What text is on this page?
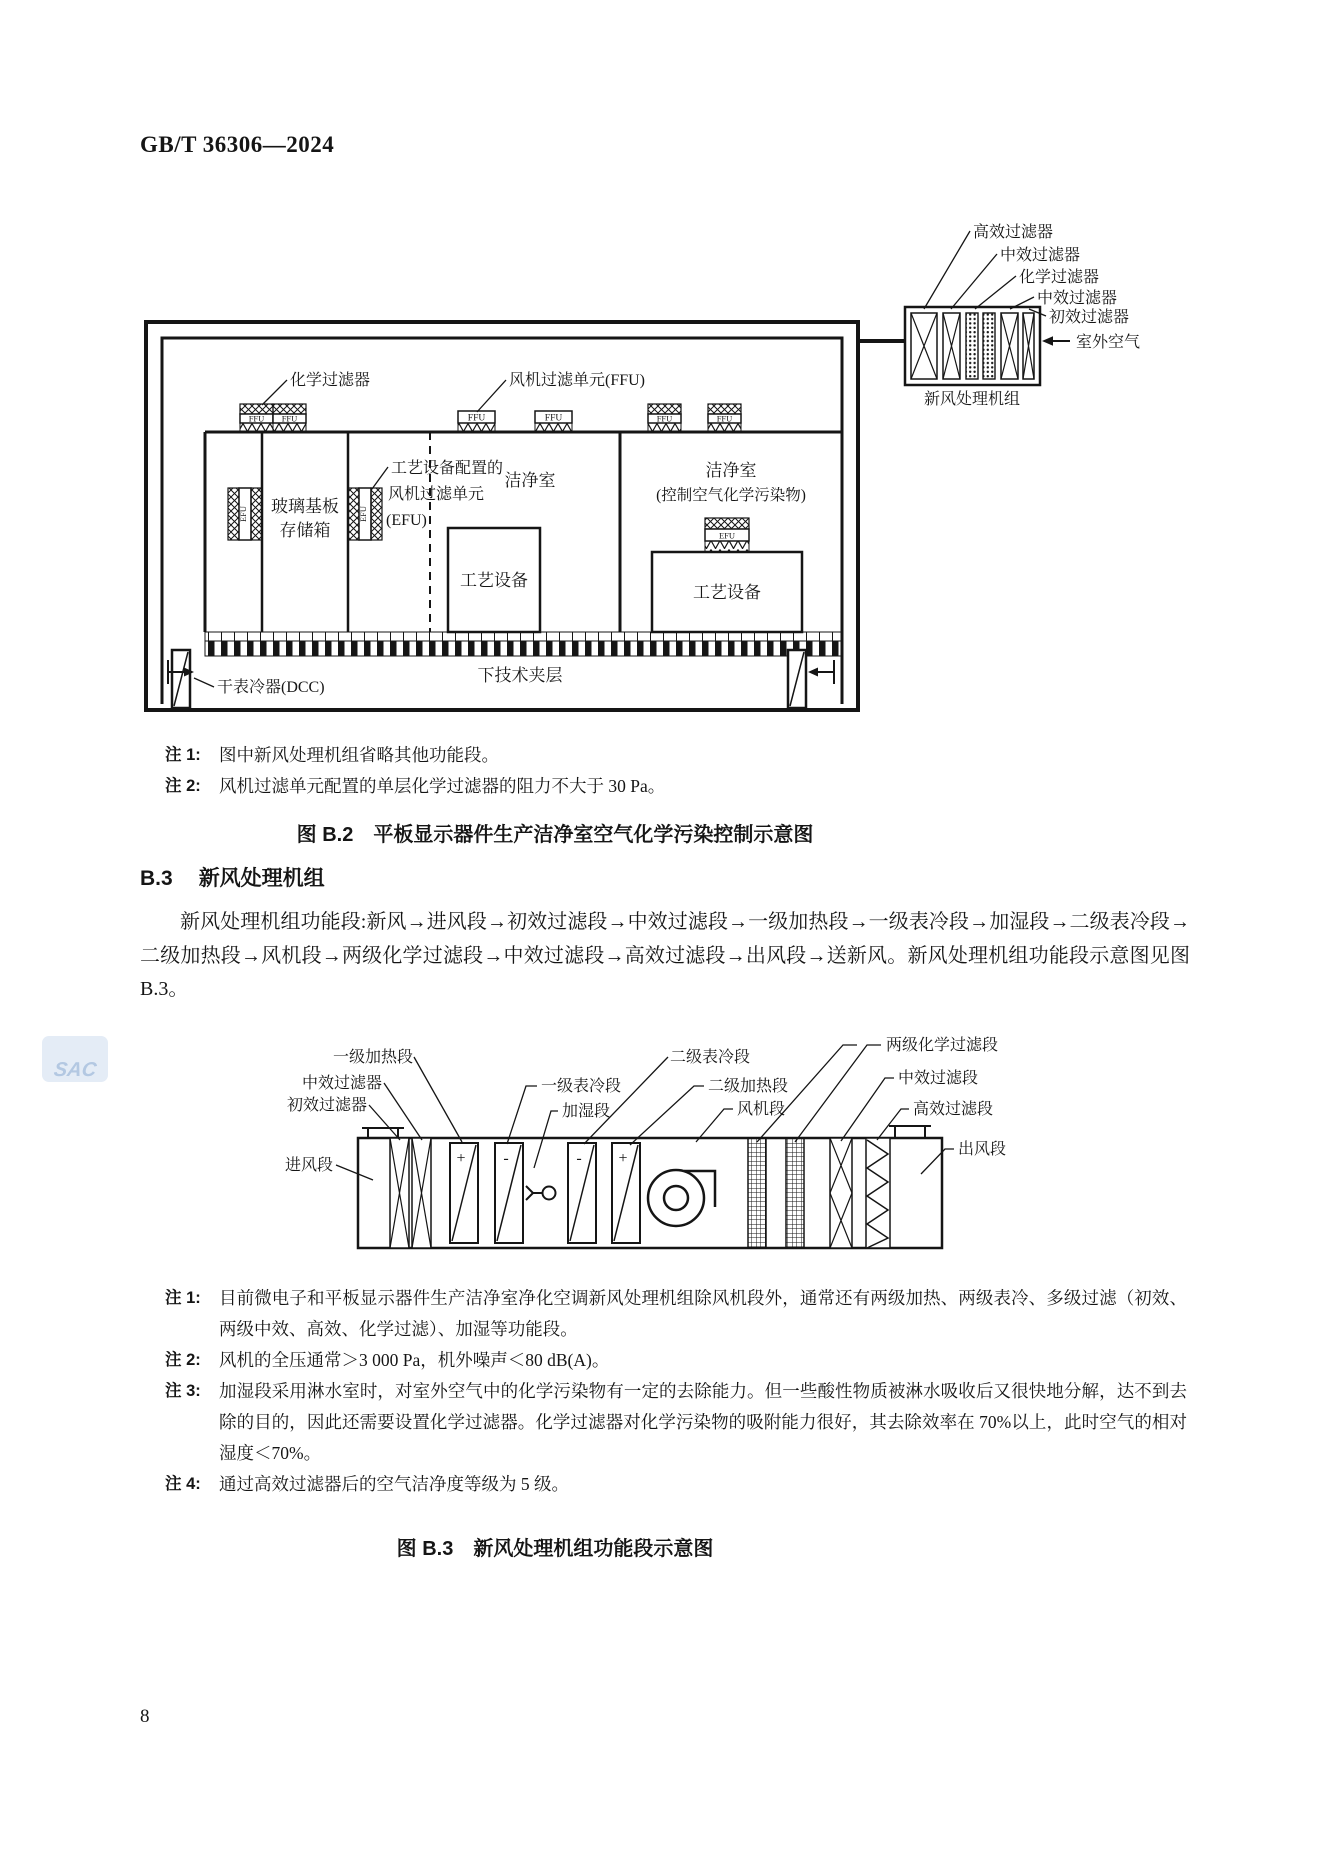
GB/T 36306—2024
新风处理机组
高效过滤器
中效过滤器
化学过滤器
中效过滤器
初效过滤器
室外空气
FFU FFU	FFU	FFU	FFU	FFU
化学过滤器	风机过滤单元(FFU)
玻璃基板
存储箱
EFU	EFU
工艺设备配置的
风机过滤单元
(EFU)
洁净室
洁净室
(控制空气化学污染物)
工艺设备
工艺设备
EFU
下技术夹层
干表冷器(DCC)
注 1: 图中新风处理机组省略其他功能段。
注 2: 风机过滤单元配置的单层化学过滤器的阻力不大于 30 Pa。
图 B.2　平板显示器件生产洁净室空气化学污染控制示意图
B.3 新风处理机组
新风处理机组功能段:新风→进风段→初效过滤段→中效过滤段→一级加热段→一级表冷段→加湿段→二级表冷段→二级加热段→风机段→两级化学过滤段→中效过滤段→高效过滤段→出风段→送新风。新风处理机组功能段示意图见图 B.3。
SAC
+ -	- +
一级加热段
中效过滤器
初效过滤器
进风段
一级表冷段
加湿段
二级表冷段
二级加热段
风机段
两级化学过滤段
中效过滤段
高效过滤段
出风段
注 1: 目前微电子和平板显示器件生产洁净室净化空调新风处理机组除风机段外，通常还有两级加热、两级表冷、多级过滤（初效、两级中效、高效、化学过滤）、加湿等功能段。
注 2: 风机的全压通常＞3 000 Pa，机外噪声＜80 dB(A)。
注 3: 加湿段采用淋水室时，对室外空气中的化学污染物有一定的去除能力。但一些酸性物质被淋水吸收后又很快地分解，达不到去除的目的，因此还需要设置化学过滤器。化学过滤器对化学污染物的吸附能力很好，其去除效率在 70%以上，此时空气的相对湿度＜70%。
注 4: 通过高效过滤器后的空气洁净度等级为 5 级。
图 B.3　新风处理机组功能段示意图
8
